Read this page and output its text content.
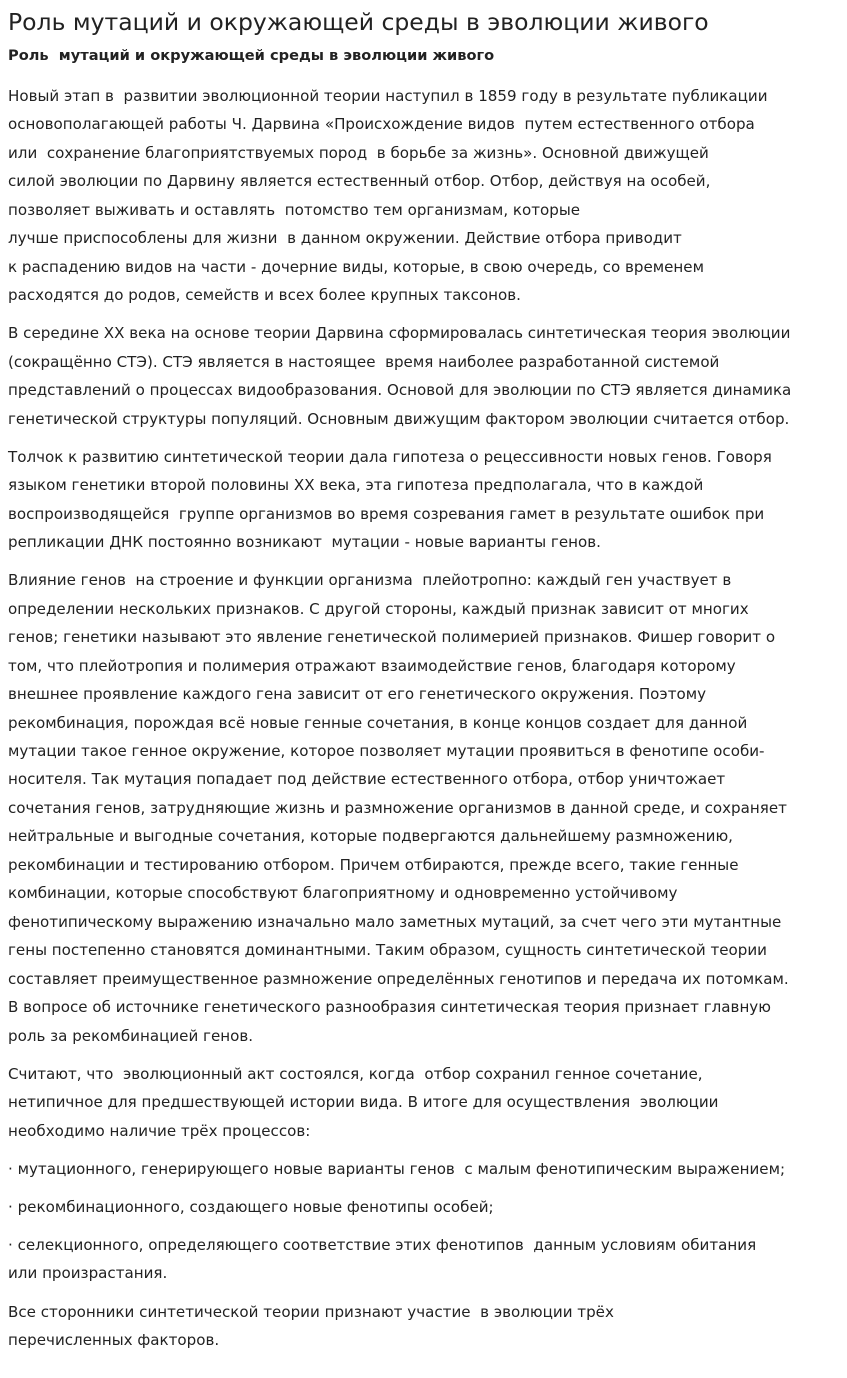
Роль мутаций и окружающей среды в эволюции живого
Роль  мутаций и окружающей среды в эволюции живого

Новый этап в  развитии эволюционной теории наступил в 1859 году в результате публикации
основополагающей работы Ч. Дарвина «Происхождение видов  путем естественного отбора
или  сохранение благоприятствуемых пород  в борьбе за жизнь». Основной движущей
силой эволюции по Дарвину является естественный отбор. Отбор, действуя на особей,
позволяет выживать и оставлять  потомство тем организмам, которые
лучше приспособлены для жизни  в данном окружении. Действие отбора приводит
к распадению видов на части - дочерние виды, которые, в свою очередь, со временем
расходятся до родов, семейств и всех более крупных таксонов.

В середине XX века на основе теории Дарвина сформировалась синтетическая теория эволюции
(сокращённо СТЭ). СТЭ является в настоящее  время наиболее разработанной системой
представлений о процессах видообразования. Основой для эволюции по СТЭ является динамика
генетической структуры популяций. Основным движущим фактором эволюции считается отбор.

Толчок к развитию синтетической теории дала гипотеза о рецессивности новых генов. Говоря
языком генетики второй половины XX века, эта гипотеза предполагала, что в каждой
воспроизводящейся  группе организмов во время созревания гамет в результате ошибок при
репликации ДНК постоянно возникают  мутации - новые варианты генов.

Влияние генов  на строение и функции организма  плейотропно: каждый ген участвует в
определении нескольких признаков. С другой стороны, каждый признак зависит от многих
генов; генетики называют это явление генетической полимерией признаков. Фишер говорит о
том, что плейотропия и полимерия отражают взаимодействие генов, благодаря которому
внешнее проявление каждого гена зависит от его генетического окружения. Поэтому
рекомбинация, порождая всё новые генные сочетания, в конце концов создает для данной
мутации такое генное окружение, которое позволяет мутации проявиться в фенотипе особи-
носителя. Так мутация попадает под действие естественного отбора, отбор уничтожает
сочетания генов, затрудняющие жизнь и размножение организмов в данной среде, и сохраняет
нейтральные и выгодные сочетания, которые подвергаются дальнейшему размножению,
рекомбинации и тестированию отбором. Причем отбираются, прежде всего, такие генные
комбинации, которые способствуют благоприятному и одновременно устойчивому
фенотипическому выражению изначально мало заметных мутаций, за счет чего эти мутантные
гены постепенно становятся доминантными. Таким образом, сущность синтетической теории
составляет преимущественное размножение определённых генотипов и передача их потомкам.
В вопросе об источнике генетического разнообразия синтетическая теория признает главную
роль за рекомбинацией генов.

Считают, что  эволюционный акт состоялся, когда  отбор сохранил генное сочетание,
нетипичное для предшествующей истории вида. В итоге для осуществления  эволюции
необходимо наличие трёх процессов:

· мутационного, генерирующего новые варианты генов  с малым фенотипическим выражением;

· рекомбинационного, создающего новые фенотипы особей;

· селекционного, определяющего соответствие этих фенотипов  данным условиям обитания
или произрастания.

Все сторонники синтетической теории признают участие  в эволюции трёх
перечисленных факторов.
